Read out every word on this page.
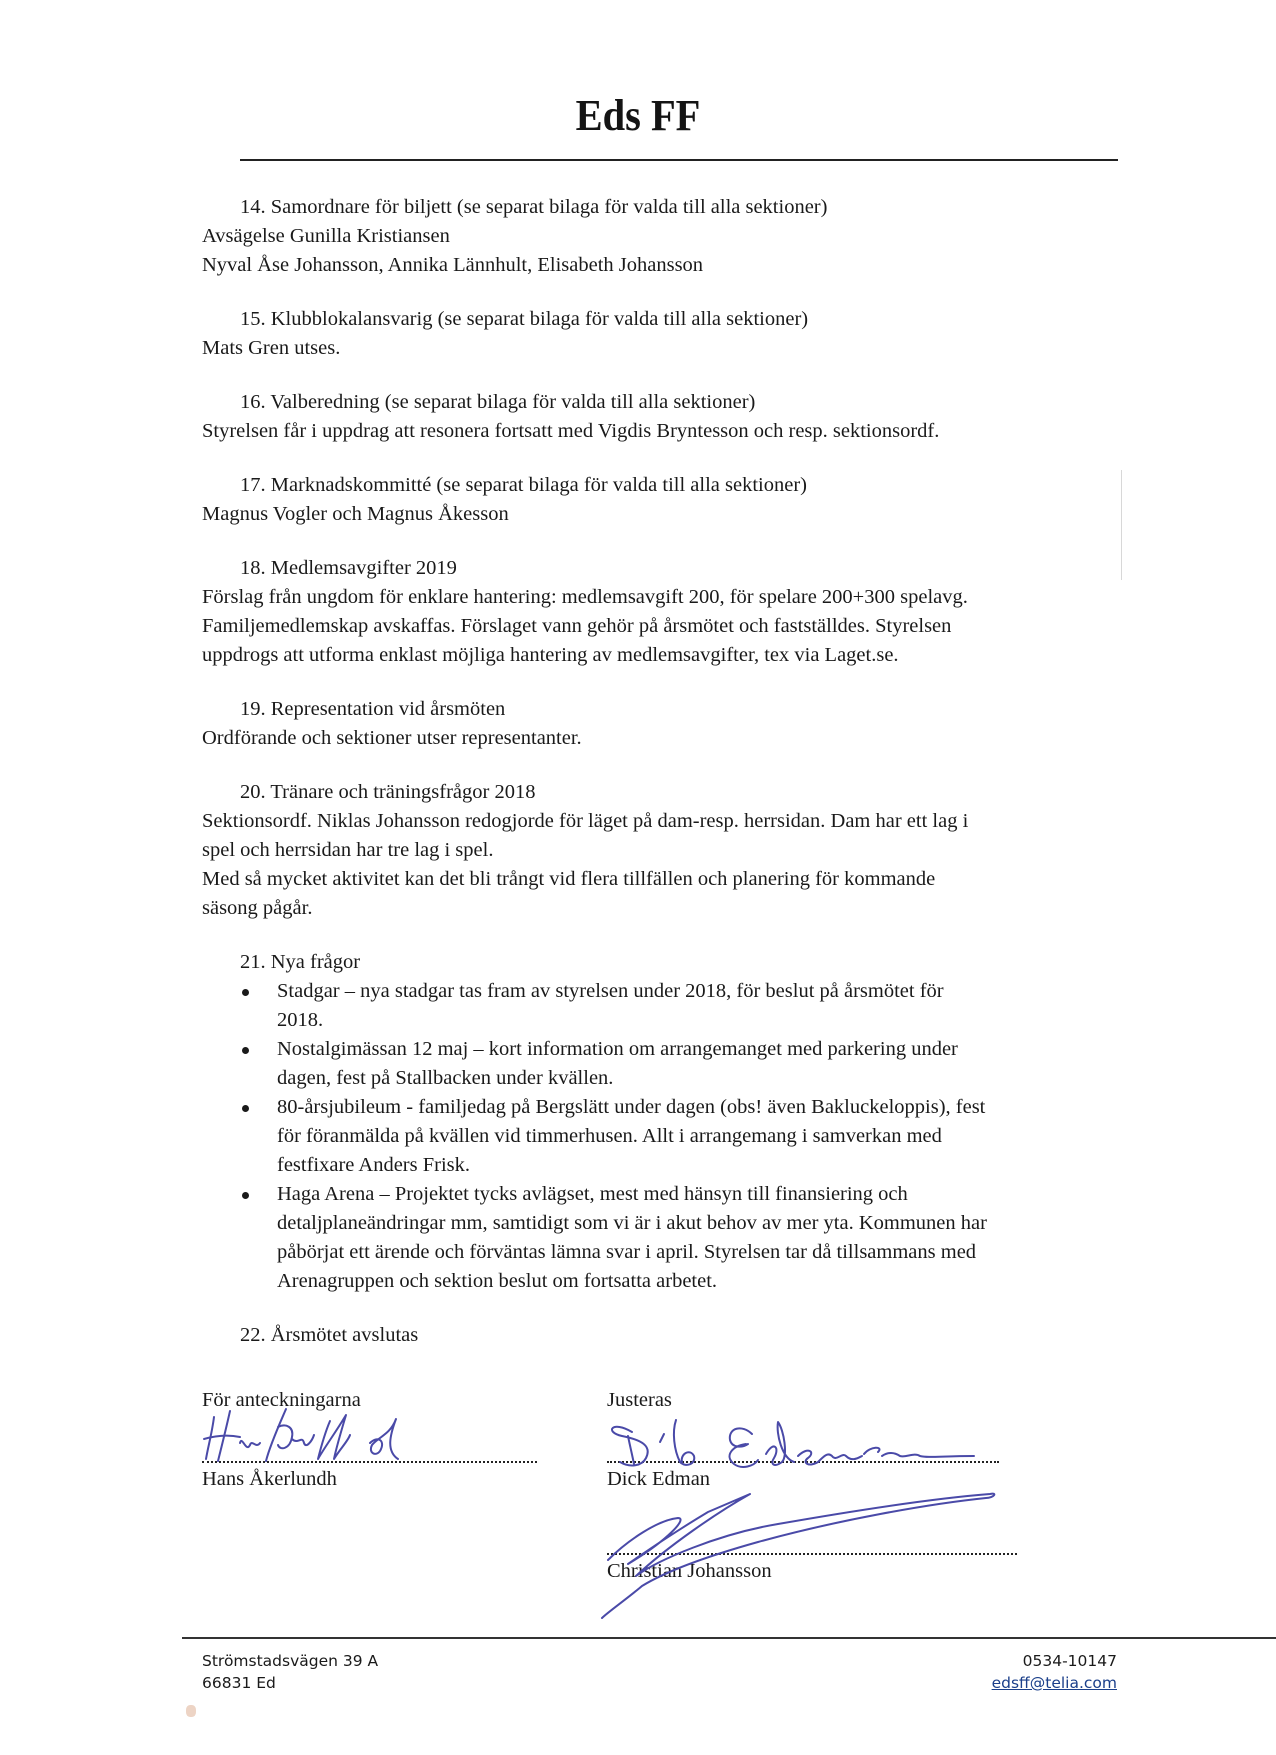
Eds FF
14. Samordnare för biljett (se separat bilaga för valda till alla sektioner)
Avsägelse Gunilla Kristiansen
Nyval Åse Johansson, Annika Lännhult, Elisabeth Johansson
15. Klubblokalansvarig (se separat bilaga för valda till alla sektioner)
Mats Gren utses.
16. Valberedning (se separat bilaga för valda till alla sektioner)
Styrelsen får i uppdrag att resonera fortsatt med Vigdis Bryntesson och resp. sektionsordf.
17. Marknadskommitté (se separat bilaga för valda till alla sektioner)
Magnus Vogler och Magnus Åkesson
18. Medlemsavgifter 2019
Förslag från ungdom för enklare hantering: medlemsavgift 200, för spelare 200+300 spelavg.
Familjemedlemskap avskaffas. Förslaget vann gehör på årsmötet och fastställdes. Styrelsen
uppdrogs att utforma enklast möjliga hantering av medlemsavgifter, tex via Laget.se.
19. Representation vid årsmöten
Ordförande och sektioner utser representanter.
20. Tränare och träningsfrågor 2018
Sektionsordf. Niklas Johansson redogjorde för läget på dam-resp. herrsidan. Dam har ett lag i
spel och herrsidan har tre lag i spel.
Med så mycket aktivitet kan det bli trångt vid flera tillfällen och planering för kommande
säsong pågår.
21. Nya frågor
Stadgar – nya stadgar tas fram av styrelsen under 2018, för beslut på årsmötet för
2018.
Nostalgimässan 12 maj – kort information om arrangemanget med parkering under
dagen, fest på Stallbacken under kvällen.
80-årsjubileum - familjedag på Bergslätt under dagen (obs! även Bakluckeloppis), fest
för föranmälda på kvällen vid timmerhusen. Allt i arrangemang i samverkan med
festfixare Anders Frisk.
Haga Arena – Projektet tycks avlägset, mest med hänsyn till finansiering och
detaljplaneändringar mm, samtidigt som vi är i akut behov av mer yta. Kommunen har
påbörjat ett ärende och förväntas lämna svar i april. Styrelsen tar då tillsammans med
Arenagruppen och sektion beslut om fortsatta arbetet.
22. Årsmötet avslutas
För anteckningarna
Hans Åkerlundh
Justeras
Dick Edman
Christian Johansson
Strömstadsvägen 39 A
66831 Ed
0534-10147
edsff@telia.com
